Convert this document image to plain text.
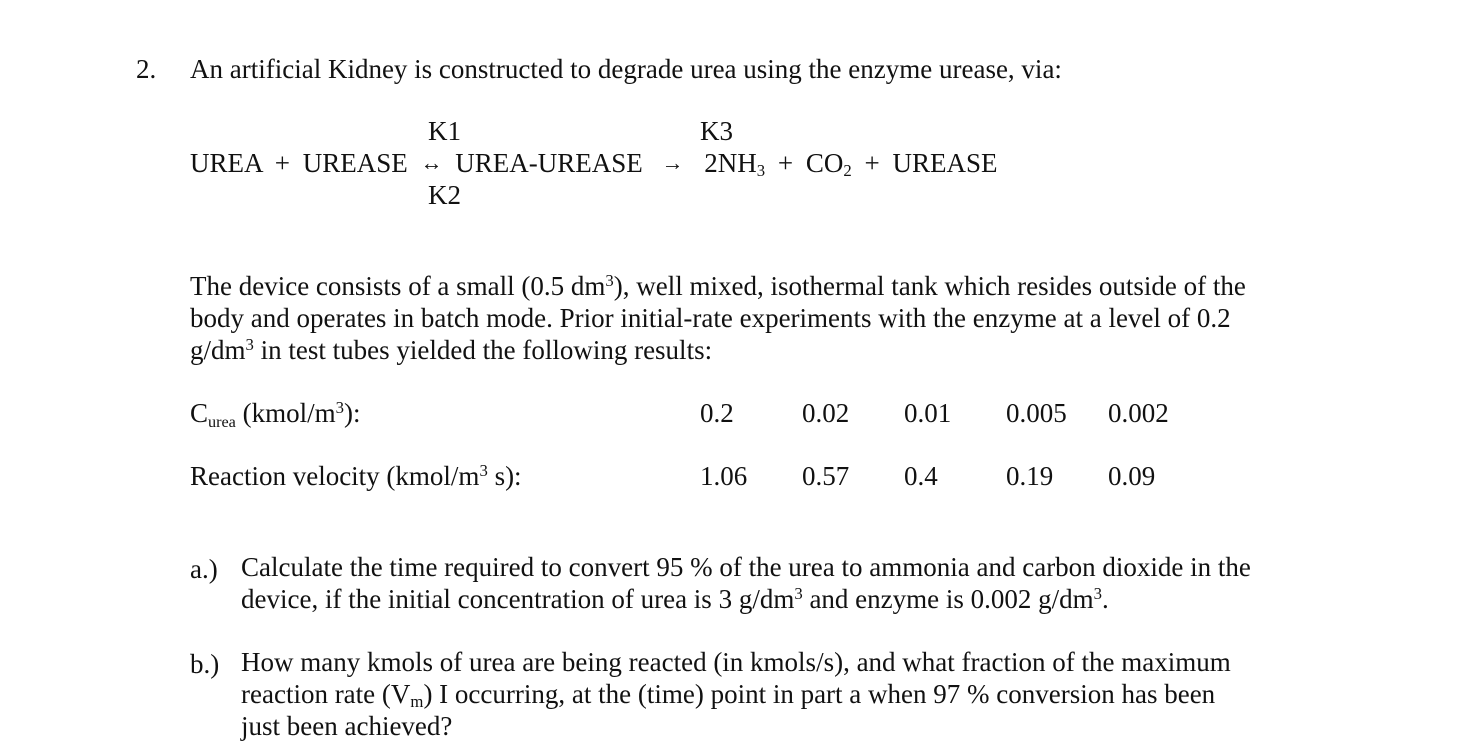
2. An artificial Kidney is constructed to degrade urea using the enzyme urease, via:
K1	K3
UREA + UREASE ↔ UREA-UREASE → $2NH_3 + CO_2$ + UREASE
K2
The device consists of a small (0.5 $dm^3$), well mixed, isothermal tank which resides outside of the
body and operates in batch mode. Prior initial-rate experiments with the enzyme at a level of 0.2
$g/dm^3$ in test tubes yielded the following results:
Curea $(kmol/m^3)$:	0.2	0.02 0.01 0.005 0.002
Reaction velocity ($kmol/m^3$ s):	1.06 0.57 0.4	0.19 0.09
a.) Calculate the time required to convert 95 % of the urea to ammonia and carbon dioxide in the
device, if the initial concentration of urea is 3 $g/dm^3$ and enzyme is 0.002 $g/dm^3$.
b.) How many kmols of urea are being reacted (in kmols/s), and what fraction of the maximum
reaction rate $(V_m)$ I occurring, at the (time) point in part a when 97 % conversion has been
just been achieved?
